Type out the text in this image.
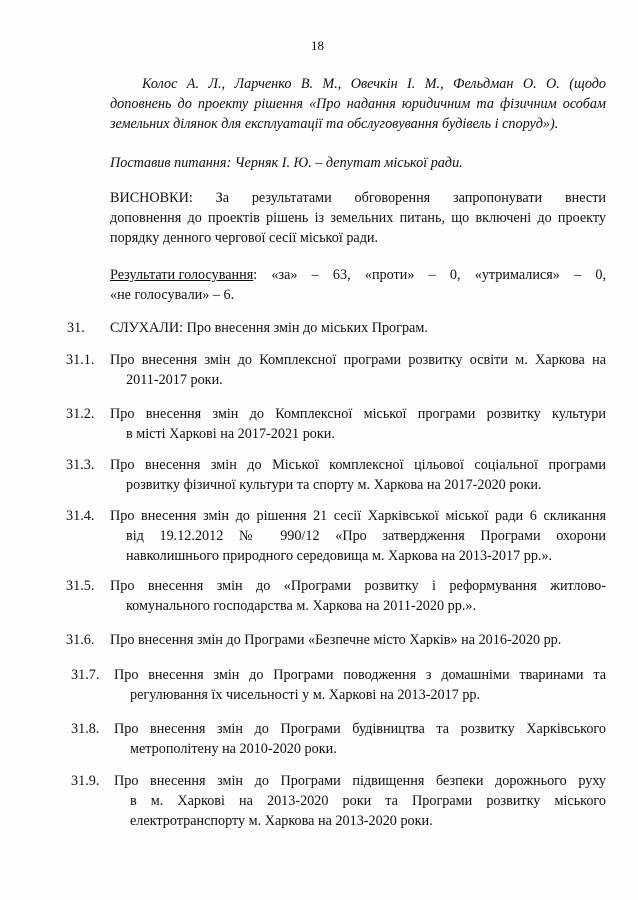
18
Колос А. Л., Ларченко В. М., Овечкін І. М., Фельдман О. О. (щодо
доповнень до проекту рішення «Про надання юридичним та фізичним особам
земельних ділянок для експлуатації та обслуговування будівель і споруд»).
Поставив питання: Черняк І. Ю. – депутат міської ради.
ВИСНОВКИ: За результатами обговорення запропонувати внести
доповнення до проектів рішень із земельних питань, що включені до проекту
порядку денного чергової сесії міської ради.
Результати голосування : «за» – 63, «проти» – 0, «утрималися» – 0,
«не голосували» – 6.
31. СЛУХАЛИ: Про внесення змін до міських Програм.
31.1. Про внесення змін до Комплексної програми розвитку освіти м. Харкова на
2011-2017 роки.
31.2. Про внесення змін до Комплексної міської програми розвитку культури
в місті Харкові на 2017-2021 роки.
31.3. Про внесення змін до Міської комплексної цільової соціальної програми
розвитку фізичної культури та спорту м. Харкова на 2017-2020 роки.
31.4. Про внесення змін до рішення 21 сесії Харківської міської ради 6 скликання
від 19.12.2012 № 990/12 «Про затвердження Програми охорони
навколишнього природного середовища м. Харкова на 2013-2017 рр.».
31.5. Про внесення змін до «Програми розвитку і реформування житлово-
комунального господарства м. Харкова на 2011-2020 рр.».
31.6. Про внесення змін до Програми «Безпечне місто Харків» на 2016-2020 рр.
31.7. Про внесення змін до Програми поводження з домашніми тваринами та
регулювання їх чисельності у м. Харкові на 2013-2017 рр.
31.8. Про внесення змін до Програми будівництва та розвитку Харківського
метрополітену на 2010-2020 роки.
31.9. Про внесення змін до Програми підвищення безпеки дорожнього руху
в м. Харкові на 2013-2020 роки та Програми розвитку міського
електротранспорту м. Харкова на 2013-2020 роки.
